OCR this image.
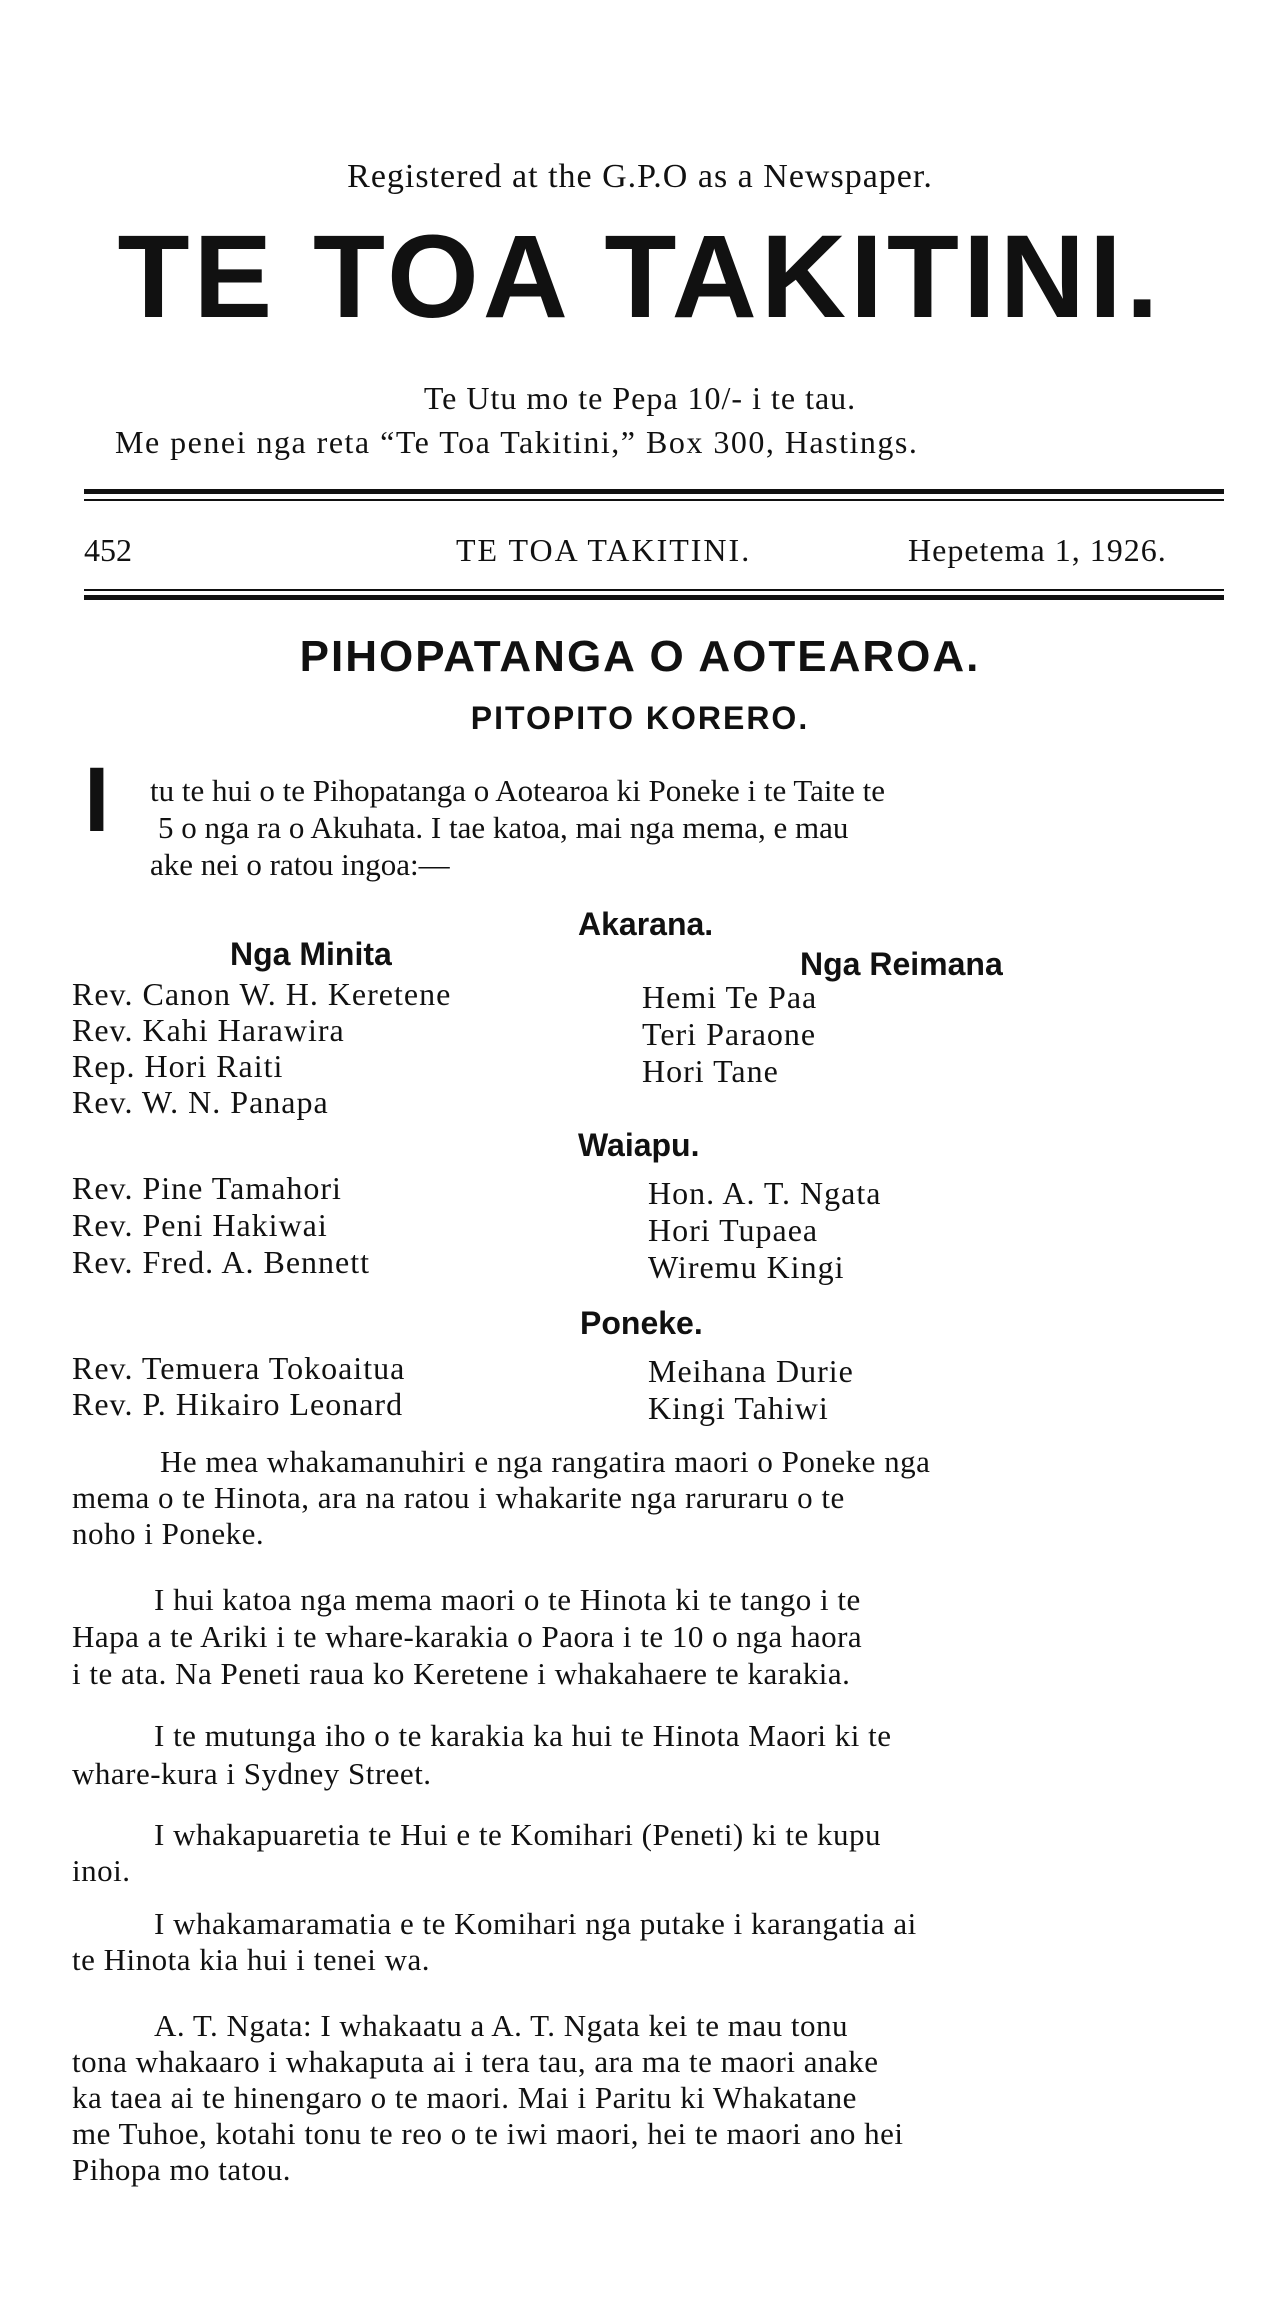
Registered at the G.P.O as a Newspaper.
TE TOA TAKITINI.
Te Utu mo te Pepa 10/- i te tau.
Me penei nga reta “Te Toa Takitini,” Box 300, Hastings.
452	TE TOA TAKITINI.	Hepetema 1, 1926.
PIHOPATANGA O AOTEAROA.
PITOPITO KORERO.
I tu te hui o te Pihopatanga o Aotearoa ki Poneke i te Taite te
5 o nga ra o Akuhata. I tae katoa, mai nga mema, e mau
ake nei o ratou ingoa:—
Akarana.
Nga Minita	Nga Reimana
Rev. Canon W. H. Keretene
Rev. Kahi Harawira
Rep. Hori Raiti
Rev. W. N. Panapa
Hemi Te Paa
Teri Paraone
Hori Tane
Waiapu.
Rev. Pine Tamahori
Rev. Peni Hakiwai
Rev. Fred. A. Bennett
Hon. A. T. Ngata
Hori Tupaea
Wiremu Kingi
Poneke.
Rev. Temuera Tokoaitua
Rev. P. Hikairo Leonard
Meihana Durie
Kingi Tahiwi
He mea whakamanuhiri e nga rangatira maori o Poneke nga
mema o te Hinota, ara na ratou i whakarite nga raruraru o te
noho i Poneke.
I hui katoa nga mema maori o te Hinota ki te tango i te
Hapa a te Ariki i te whare-karakia o Paora i te 10 o nga haora
i te ata. Na Peneti raua ko Keretene i whakahaere te karakia.
I te mutunga iho o te karakia ka hui te Hinota Maori ki te
whare-kura i Sydney Street.
I whakapuaretia te Hui e te Komihari (Peneti) ki te kupu
inoi.
I whakamaramatia e te Komihari nga putake i karangatia ai
te Hinota kia hui i tenei wa.
A. T. Ngata: I whakaatu a A. T. Ngata kei te mau tonu
tona whakaaro i whakaputa ai i tera tau, ara ma te maori anake
ka taea ai te hinengaro o te maori. Mai i Paritu ki Whakatane
me Tuhoe, kotahi tonu te reo o te iwi maori, hei te maori ano hei
Pihopa mo tatou.
